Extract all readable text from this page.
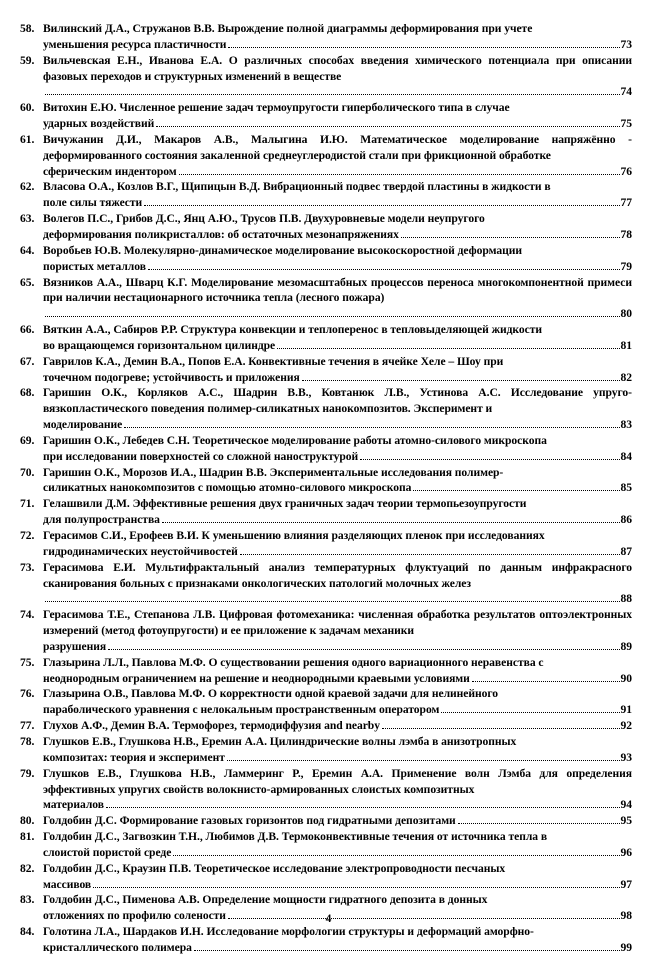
58. Вилинский Д.А., Стружанов В.В. Вырождение полной диаграммы деформирования при учете
уменьшения ресурса пластичности	73
59. Вильчевская Е.Н., Иванова Е.А. О различных способах введения химического потенциала при описании фазовых переходов и структурных изменений в веществе
74
60. Витохин Е.Ю. Численное решение задач термоупругости гиперболического типа в случае
ударных воздействий	75
61. Вичужанин Д.И., Макаров А.В., Малыгина И.Ю. Математическое моделирование напряжённо - деформированного состояния закаленной среднеуглеродистой стали при фрикционной обработке
сферическим индентором	76
62. Власова О.А., Козлов В.Г., Щипицын В.Д. Вибрационный подвес твердой пластины в жидкости в
поле силы тяжести	77
63. Волегов П.С., Грибов Д.С., Янц А.Ю., Трусов П.В. Двухуровневые модели неупругого
деформирования поликристаллов: об остаточных мезонапряжениях	78
64. Воробьев Ю.В. Молекулярно-динамическое моделирование высокоскоростной деформации
пористых металлов	79
65. Вязников А.А., Шварц К.Г. Моделирование мезомасштабных процессов переноса многокомпонентной примеси при наличии нестационарного источника тепла (лесного пожара)
80
66. Вяткин А.А., Сабиров Р.Р. Структура конвекции и теплоперенос в тепловыделяющей жидкости
во вращающемся горизонтальном цилиндре	81
67. Гаврилов К.А., Демин В.А., Попов Е.А. Конвективные течения в ячейке Хеле – Шоу при
точечном подогреве; устойчивость и приложения	82
68. Гаришин О.К., Корляков А.С., Шадрин В.В., Ковтанюк Л.В., Устинова А.С. Исследование упруго-вязкопластического поведения полимер-силикатных нанокомпозитов. Эксперимент и
моделирование	83
69. Гаришин О.К., Лебедев С.Н. Теоретическое моделирование работы атомно-силового микроскопа
при исследовании поверхностей со сложной наноструктурой	84
70. Гаришин О.К., Морозов И.А., Шадрин В.В. Экспериментальные исследования полимер-
силикатных нанокомпозитов с помощью атомно-силового микроскопа	85
71. Гелашвили Д.М. Эффективные решения двух граничных задач теории термопьезоупругости
для полупространства	86
72. Герасимов С.И., Ерофеев В.И. К уменьшению влияния разделяющих пленок при исследованиях
гидродинамических неустойчивостей	87
73. Герасимова Е.И. Мультифрактальный анализ температурных флуктуаций по данным инфракрасного сканирования больных с признаками онкологических патологий молочных желез
88
74. Герасимова Т.Е., Степанова Л.В. Цифровая фотомеханика: численная обработка результатов оптоэлектронных измерений (метод фотоупругости) и ее приложение к задачам механики
разрушения	89
75. Глазырина Л.Л., Павлова М.Ф. О существовании решения одного вариационного неравенства с
неоднородным ограничением на решение и неоднородными краевыми условиями	90
76. Глазырина О.В., Павлова М.Ф. О корректности одной краевой задачи для нелинейного
параболического уравнения с нелокальным пространственным оператором	91
77. Глухов А.Ф., Демин В.А. Термофорез, термодиффузия and nearby	92
78. Глушков Е.В., Глушкова Н.В., Еремин А.А. Цилиндрические волны лэмба в анизотропных
композитах: теория и эксперимент	93
79. Глушков Е.В., Глушкова Н.В., Ламмеринг Р., Еремин А.А. Применение волн Лэмба для определения эффективных упругих свойств волокнисто-армированных слоистых композитных
материалов	94
80. Голдобин Д.С. Формирование газовых горизонтов под гидратными депозитами	95
81. Голдобин Д.С., Загвозкин Т.Н., Любимов Д.В. Термоконвективные течения от источника тепла в
слоистой пористой среде	96
82. Голдобин Д.С., Краузин П.В. Теоретическое исследование электропроводности песчаных
массивов	97
83. Голдобин Д.С., Пименова А.В. Определение мощности гидратного депозита в донных
отложениях по профилю солености	98
84. Голотина Л.А., Шардаков И.Н. Исследование морфологии структуры и деформаций аморфно-
кристаллического полимера	99
4
